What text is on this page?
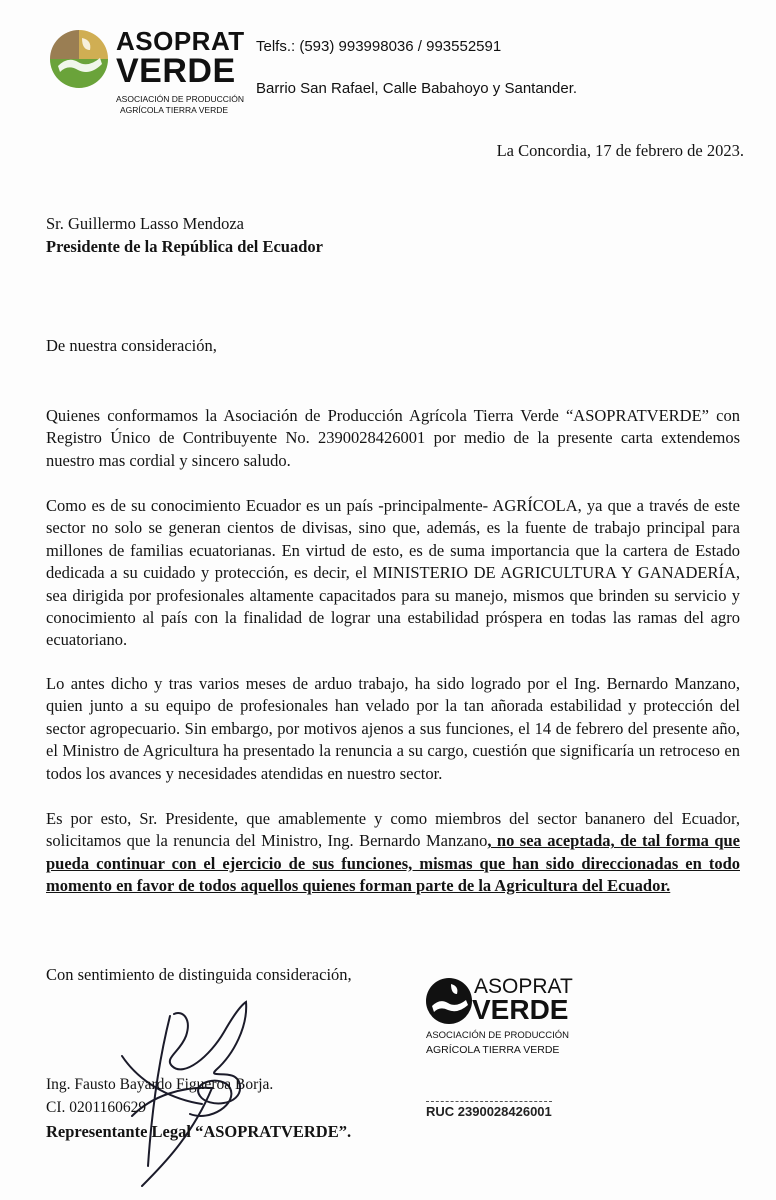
ASOPRAT
VERDE
ASOCIACIÓN DE PRODUCCIÓN
AGRÍCOLA TIERRA VERDE
Telfs.: (593) 993998036 / 993552591
Barrio San Rafael, Calle Babahoyo y Santander.
La Concordia, 17 de febrero de 2023.
Sr. Guillermo Lasso Mendoza
Presidente de la República del Ecuador
De nuestra consideración,

Quienes conformamos la Asociación de Producción Agrícola Tierra Verde “ASOPRATVERDE” con Registro Único de Contribuyente No. 2390028426001 por medio de la presente carta extendemos nuestro mas cordial y sincero saludo.

Como es de su conocimiento Ecuador es un país -principalmente- AGRÍCOLA, ya que a través de este sector no solo se generan cientos de divisas, sino que, además, es la fuente de trabajo principal para millones de familias ecuatorianas. En virtud de esto, es de suma importancia que la cartera de Estado dedicada a su cuidado y protección, es decir, el MINISTERIO DE AGRICULTURA Y GANADERÍA, sea dirigida por profesionales altamente capacitados para su manejo, mismos que brinden su servicio y conocimiento al país con la finalidad de lograr una estabilidad próspera en todas las ramas del agro ecuatoriano.

Lo antes dicho y tras varios meses de arduo trabajo, ha sido logrado por el Ing. Bernardo Manzano, quien junto a su equipo de profesionales han velado por la tan añorada estabilidad y protección del sector agropecuario. Sin embargo, por motivos ajenos a sus funciones, el 14 de febrero del presente año, el Ministro de Agricultura ha presentado la renuncia a su cargo, cuestión que significaría un retroceso en todos los avances y necesidades atendidas en nuestro sector.

Es por esto, Sr. Presidente, que amablemente y como miembros del sector bananero del Ecuador, solicitamos que la renuncia del Ministro, Ing. Bernardo Manzano, no sea aceptada, de tal forma que pueda continuar con el ejercicio de sus funciones, mismas que han sido direccionadas en todo momento en favor de todos aquellos quienes forman parte de la Agricultura del Ecuador.

Con sentimiento de distinguida consideración,
Ing. Fausto Bayardo Figueroa Borja.
CI. 0201160629
Representante Legal “ASOPRATVERDE”.
ASOPRAT
VERDE
ASOCIACIÓN DE PRODUCCIÓN
AGRÍCOLA TIERRA VERDE
RUC 2390028426001
